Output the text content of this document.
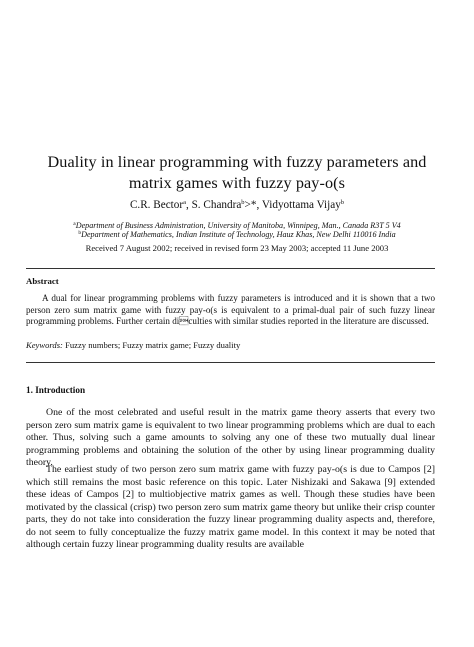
Duality in linear programming with fuzzy parameters and
matrix games with fuzzy pay-o(s
C.R. Bector$^a$, S. Chandra$^b$>*, Vidyottama Vijay$^b$
$^a$Department of Business Administration, University of Manitoba, Winnipeg, Man., Canada R3T 5 V4
$^b$Department of Mathematics, Indian Institute of Technology, Hauz Khas, New Delhi 110016 India
Received 7 August 2002; received in revised form 23 May 2003; accepted 11 June 2003
Abstract
A dual for linear programming problems with fuzzy parameters is introduced and it is shown that a two person zero sum matrix game with fuzzy pay-o(s is equivalent to a primal-dual pair of such fuzzy linear programming problems. Further certain diculties with similar studies reported in the literature are discussed.
Keywords: Fuzzy numbers; Fuzzy matrix game; Fuzzy duality
1. Introduction
One of the most celebrated and useful result in the matrix game theory asserts that every two person zero sum matrix game is equivalent to two linear programming problems which are dual to each other. Thus, solving such a game amounts to solving any one of these two mutually dual linear programming problems and obtaining the solution of the other by using linear programming duality theory.
The earliest study of two person zero sum matrix game with fuzzy pay-o(s is due to Campos [2] which still remains the most basic reference on this topic. Later Nishizaki and Sakawa [9] extended these ideas of Campos [2] to multiobjective matrix games as well. Though these studies have been motivated by the classical (crisp) two person zero sum matrix game theory but unlike their crisp counter parts, they do not take into consideration the fuzzy linear programming duality aspects and, therefore, do not seem to fully conceptualize the fuzzy matrix game model. In this context it may be noted that although certain fuzzy linear programming duality results are available
